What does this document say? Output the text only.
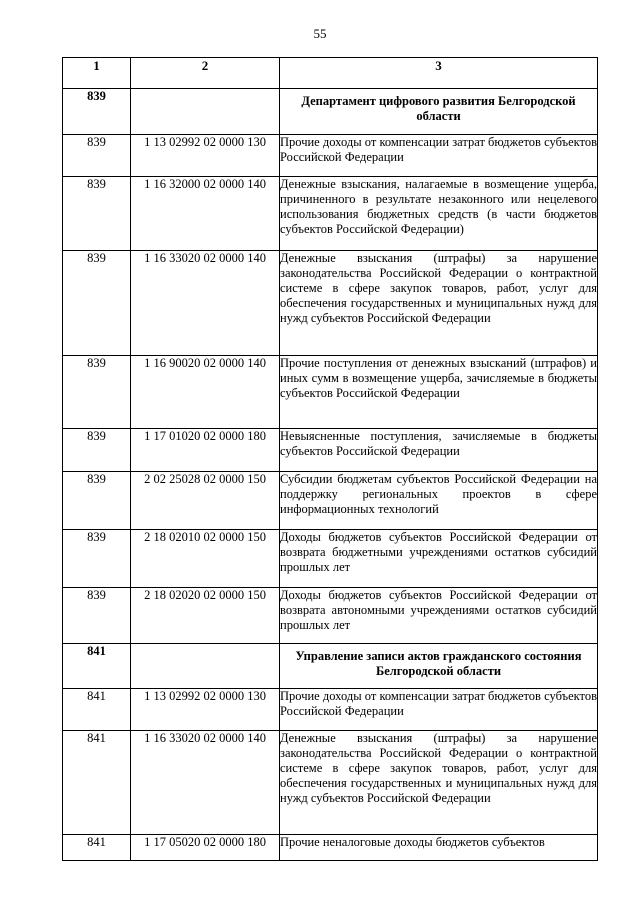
55
1	2	3
839		Департамент цифрового развития Белгородской области
839	1 13 02992 02 0000 130	Прочие доходы от компенсации затрат бюджетов субъектов Российской Федерации
839	1 16 32000 02 0000 140	Денежные взыскания, налагаемые в возмещение ущерба, причиненного в результате незаконного или нецелевого использования бюджетных средств (в части бюджетов субъектов Российской Федерации)
839	1 16 33020 02 0000 140	Денежные взыскания (штрафы) за нарушение законодательства Российской Федерации о контрактной системе в сфере закупок товаров, работ, услуг для обеспечения государственных и муниципальных нужд для нужд субъектов Российской Федерации
839	1 16 90020 02 0000 140	Прочие поступления от денежных взысканий (штрафов) и иных сумм в возмещение ущерба, зачисляемые в бюджеты субъектов Российской Федерации
839	1 17 01020 02 0000 180	Невыясненные поступления, зачисляемые в бюджеты субъектов Российской Федерации
839	2 02 25028 02 0000 150	Субсидии бюджетам субъектов Российской Федерации на поддержку региональных проектов в сфере информационных технологий
839	2 18 02010 02 0000 150	Доходы бюджетов субъектов Российской Федерации от возврата бюджетными учреждениями остатков субсидий прошлых лет
839	2 18 02020 02 0000 150	Доходы бюджетов субъектов Российской Федерации от возврата автономными учреждениями остатков субсидий прошлых лет
841		Управление записи актов гражданского состояния Белгородской области
841	1 13 02992 02 0000 130	Прочие доходы от компенсации затрат бюджетов субъектов Российской Федерации
841	1 16 33020 02 0000 140	Денежные взыскания (штрафы) за нарушение законодательства Российской Федерации о контрактной системе в сфере закупок товаров, работ, услуг для обеспечения государственных и муниципальных нужд для нужд субъектов Российской Федерации
841	1 17 05020 02 0000 180	Прочие неналоговые доходы бюджетов субъектов
